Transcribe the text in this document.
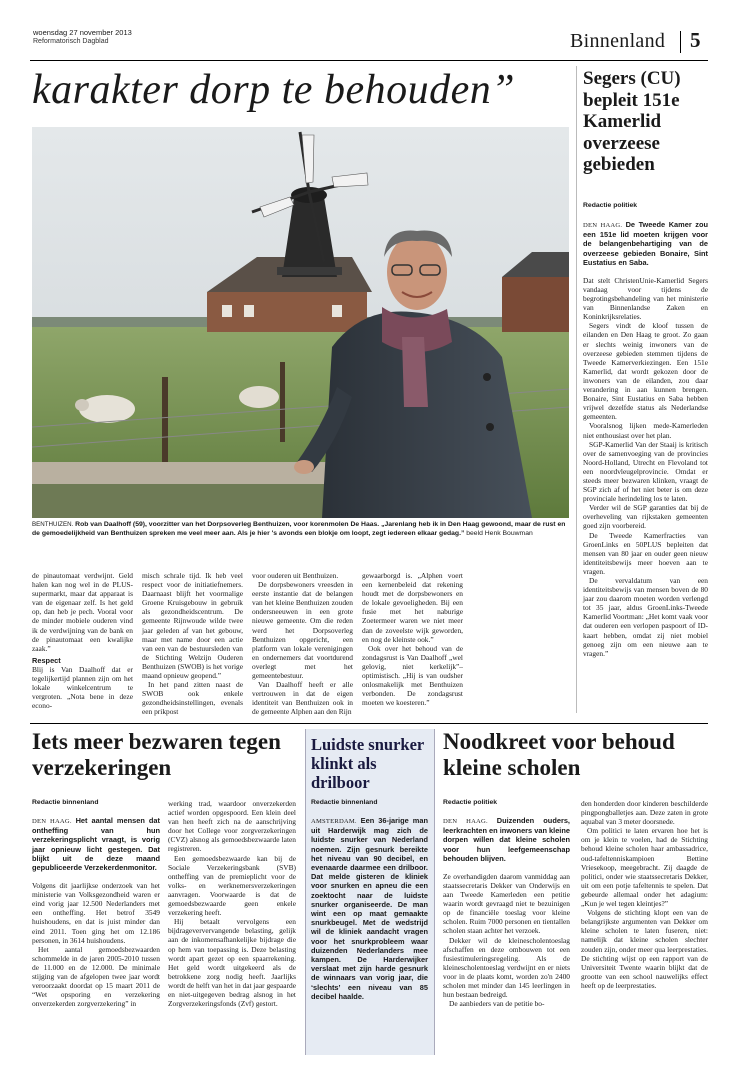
woensdag 27 november 2013
Reformatorisch Dagblad	Binnenland 5
karakter dorp te behouden”
BENTHUIZEN. Rob van Daalhoff (59), voorzitter van het Dorpsoverleg Benthuizen, voor korenmolen De Haas. „Jarenlang heb ik in Den Haag gewoond, maar de rust en de gemoedelijkheid van Benthuizen spreken me veel meer aan. Als je hier 's avonds een blokje om loopt, zegt iedereen elkaar gedag.” beeld Henk Bouwman

de pinautomaat verdwijnt. Geld halen kan nog wel in de PLUS-supermarkt, maar dat apparaat is van de eigenaar zelf. Is het geld op, dan heb je pech. Vooral voor de minder mobiele ouderen vind ik de verdwijning van de bank en de pinautomaat een kwalijke zaak.”

Respect

Blij is Van Daalhoff dat er tegelijkertijd plannen zijn om het lokale winkelcentrum te vergroten. „Nota bene in deze econo-

misch schrale tijd. Ik heb veel respect voor de initiatiefnemers. Daarnaast blijft het voormalige Groene Kruisgebouw in gebruik als gezondheidscentrum. De gemeente Rijnwoude wilde twee jaar geleden af van het gebouw, maar met name door een actie van een van de bestuursleden van de Stichting Welzijn Ouderen Benthuizen (SWOB) is het vorige maand opnieuw geopend.”

In het pand zitten naast de SWOB ook enkele gezondheidsinstellingen, evenals een prikpost

voor ouderen uit Benthuizen.

De dorpsbewoners vreesden in eerste instantie dat de belangen van het kleine Benthuizen zouden ondersneeuwen in een grote nieuwe gemeente. Om die reden werd het Dorpsoverleg Benthuizen opgericht, een platform van lokale verenigingen en ondernemers dat voortdurend overlegt met het gemeentebestuur.

Van Daalhoff heeft er alle vertrouwen in dat de eigen identiteit van Benthuizen ook in de gemeente Alphen aan den Rijn

gewaarborgd is. „Alphen voert een kernenbeleid dat rekening houdt met de dorpsbewoners en de lokale gevoeligheden. Bij een fusie met het naburige Zoetermeer waren we niet meer dan de zoveelste wijk geworden, en nog de kleinste ook.”

Ook over het behoud van de zondagsrust is Van Daalhoff „wel gelovig, niet kerkelijk”– optimistisch. „Hij is van oudsher onlosmakelijk met Benthuizen verbonden. De zondagsrust moeten we koesteren.”

Segers (CU) bepleit 151e Kamerlid overzeese gebieden
Redactie politiek

DEN HAAG. De Tweede Kamer zou een 151e lid moeten krijgen voor de belangenbehartiging van de overzeese gebieden Bonaire, Sint Eustatius en Saba.

Dat stelt ChristenUnie-Kamerlid Segers vandaag voor tijdens de begrotingsbehandeling van het ministerie van Binnenlandse Zaken en Koninkrijksrelaties.

Segers vindt de kloof tussen de eilanden en Den Haag te groot. Zo gaan er slechts weinig inwoners van de overzeese gebieden stemmen tijdens de Tweede Kamerverkiezingen. Een 151e Kamerlid, dat wordt gekozen door de inwoners van de eilanden, zou daar verandering in aan kunnen brengen. Bonaire, Sint Eustatius en Saba hebben vrijwel dezelfde status als Nederlandse gemeenten.

Vooralsnog lijken mede-Kamerleden niet enthousiast over het plan.

SGP-Kamerlid Van der Staaij is kritisch over de samenvoeging van de provincies Noord-Holland, Utrecht en Flevoland tot een noordvleugelprovincie. Omdat er steeds meer bezwaren klinken, vraagt de SGP zich af of het niet beter is om deze provinciale herindeling los te laten.

Verder wil de SGP garanties dat bij de overheveling van rijkstaken gemeenten goed zijn voorbereid.

De Tweede Kamerfracties van GroenLinks en 50PLUS bepleiten dat mensen van 80 jaar en ouder geen nieuw identiteitsbewijs meer hoeven aan te vragen.

De vervaldatum van een identiteitsbewijs van mensen boven de 80 jaar zou daarom moeten worden verlengd tot 35 jaar, aldus GroenLinks-Tweede Kamerlid Voortman: „Het komt vaak voor dat ouderen een verlopen paspoort of ID-kaart hebben, omdat zij niet mobiel genoeg zijn om een nieuwe aan te vragen.”

Iets meer bezwaren tegen verzekeringen
Redactie binnenland

DEN HAAG. Het aantal mensen dat ontheffing van hun verzekeringsplicht vraagt, is vorig jaar opnieuw licht gestegen. Dat blijkt uit de deze maand gepubliceerde Verzekerdenmonitor.

Volgens dit jaarlijkse onderzoek van het ministerie van Volksgezondheid waren er eind vorig jaar 12.500 Nederlanders met een ontheffing. Het betrof 3549 huishoudens, en dat is juist minder dan eind 2011. Toen ging het om 12.186 personen, in 3614 huishoudens.

Het aantal gemoedsbezwaarden schommelde in de jaren 2005-2010 tussen de 11.000 en de 12.000. De minimale stijging van de afgelopen twee jaar wordt veroorzaakt doordat op 15 maart 2011 de “Wet opsporing en verzekering onverzekerden zorgverzekering” in

werking trad, waardoor onverzekerden actief worden opgespoord. Een klein deel van hen heeft zich na de aanschrijving door het College voor zorgverzekeringen (CVZ) alsnog als gemoedsbezwaarde laten registreren.

Een gemoedsbezwaarde kan bij de Sociale Verzekeringsbank (SVB) ontheffing van de premieplicht voor de volks- en werknemersverzekeringen aanvragen. Voorwaarde is dat de gemoedsbezwaarde geen enkele verzekering heeft.

Hij betaalt vervolgens een bijdrageververvangende belasting, gelijk aan de inkomensafhankelijke bijdrage die op hem van toepassing is. Deze belasting wordt apart gezet op een spaarrekening. Het geld wordt uitgekeerd als de betrokkene zorg nodig heeft. Jaarlijks wordt de helft van het in dat jaar gespaarde en niet-uitgegeven bedrag alsnog in het Zorgverzekeringsfonds (Zvf) gestort.

Luidste snurker klinkt als drilboor
Redactie binnenland

AMSTERDAM. Een 36-jarige man uit Harderwijk mag zich de luidste snurker van Nederland noemen. Zijn gesnurk bereikte het niveau van 90 decibel, en evenaarde daarmee een drilboor. Dat melde gisteren de kliniek voor snurken en apneu die een zoektocht naar de luidste snurker organiseerde. De man wint een op maat gemaakte snurkbeugel. Met de wedstrijd wil de kliniek aandacht vragen voor het snurkprobleem waar duizenden Nederlanders mee kampen. De Harderwijker verslaat met zijn harde gesnurk de winnaars van vorig jaar, die ‘slechts’ een niveau van 85 decibel haalde.

Noodkreet voor behoud kleine scholen
Redactie politiek

DEN HAAG. Duizenden ouders, leerkrachten en inwoners van kleine dorpen willen dat kleine scholen voor hun leefgemeenschap behouden blijven.

Ze overhandigden daarom vanmiddag aan staatssecretaris Dekker van Onderwijs en aan Tweede Kamerleden een petitie waarin wordt gevraagd niet te bezuinigen op de financiële toeslag voor kleine scholen. Ruim 7000 personen en tientallen scholen staan achter het verzoek.

Dekker wil de kleinescholentoeslag afschaffen en deze ombouwen tot een fusiestimuleringsregeling. Als de kleinescholentoeslag verdwijnt en er niets voor in de plaats komt, worden zo'n 2400 scholen met minder dan 145 leerlingen in hun bestaan bedreigd.

De aanbieders van de petitie bo-

den honderden door kinderen beschilderde pingpongballetjes aan. Deze zaten in grote aquabal van 3 meter doorsnede.

Om politici te laten ervaren hoe het is om je klein te voelen, had de Stichting behoud kleine scholen haar ambassadrice, oud-tafeltenniskampioen Bettine Vriesekoop, meegebracht. Zij daagde de politici, onder wie staatssecretaris Dekker, uit om een potje tafeltennis te spelen. Dat gebeurde allemaal onder het adagium: „Kun je wel tegen kleintjes?”

Volgens de stichting klopt een van de belangrijkste argumenten van Dekker om kleine scholen te laten fuseren, niet: namelijk dat kleine scholen slechter zouden zijn, onder meer qua leerprestaties. De stichting wijst op een rapport van de Universiteit Twente waarin blijkt dat de grootte van een school nauwelijks effect heeft op de leerprestaties.
